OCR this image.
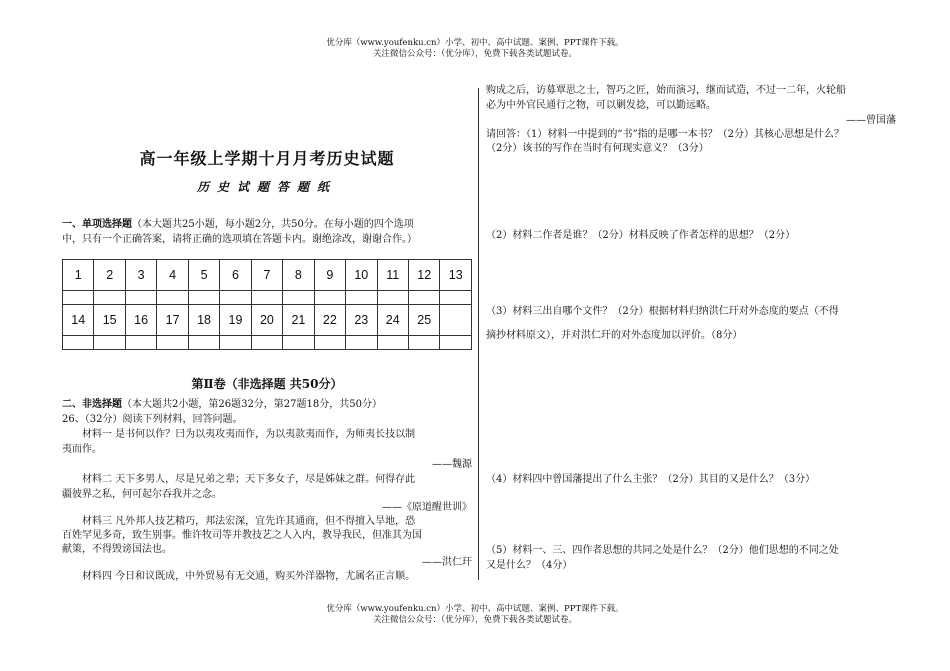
优分库（www.youfenku.cn）小学、初中、高中试题、案例、PPT课件下载。
关注微信公众号：（优分库），免费下载各类试题试卷。
高一年级上学期十月月考历史试题
历史试题答题纸
一、单项选择题（本大题共25小题，每小题2分，共50分。在每小题的四个选项
中，只有一个正确答案，请将正确的选项填在答题卡内。谢绝涂改，谢谢合作。）
1	2	3	4	5	6	7	8	9	10	11	12	13

14	15	16	17	18	19	20	21	22	23	24	25	

第Ⅱ卷（非选择题 共50分）
二、非选择题（本大题共2小题，第26题32分，第27题18分，共50分）
26、（32分）阅读下列材料，回答问题。
材料一 是书何以作？曰为以夷攻夷而作，为以夷款夷而作，为师夷长技以制
夷而作。
——魏源
材料二 天下多男人，尽是兄弟之辈；天下多女子，尽是姊妹之群。何得存此
疆彼界之私，何可起尔吞我并之念。
——《原道醒世训》
材料三 凡外邦人技艺精巧，邦法宏深，宜先许其通商，但不得擅入旱地，恐
百姓罕见多奇，致生别事。惟许牧司等并教技艺之人入内，教导我民，但准其为国
献策，不得毁谤国法也。
——洪仁玕
材料四 今日和议既成，中外贸易有无交通，购买外洋器物，尤属名正言顺。
购成之后，访募覃思之士，智巧之匠，始而演习，继而试造，不过一二年，火轮船
必为中外官民通行之物，可以剿发捻，可以勤远略。
——曾国藩
请回答：（1）材料一中提到的“书”指的是哪一本书？（2分）其核心思想是什么？
（2分）该书的写作在当时有何现实意义？（3分）
（2）材料二作者是谁？（2分）材料反映了作者怎样的思想？（2分）
（3）材料三出自哪个文件？（2分）根据材料归纳洪仁玕对外态度的要点（不得
摘抄材料原文），并对洪仁玕的对外态度加以评价。（8分）
（4）材料四中曾国藩提出了什么主张？（2分）其目的又是什么？（3分）
（5）材料一、三、四作者思想的共同之处是什么？（2分）他们思想的不同之处
又是什么？（4分）
优分库（www.youfenku.cn）小学、初中、高中试题、案例、PPT课件下载。
关注微信公众号：（优分库），免费下载各类试题试卷。
